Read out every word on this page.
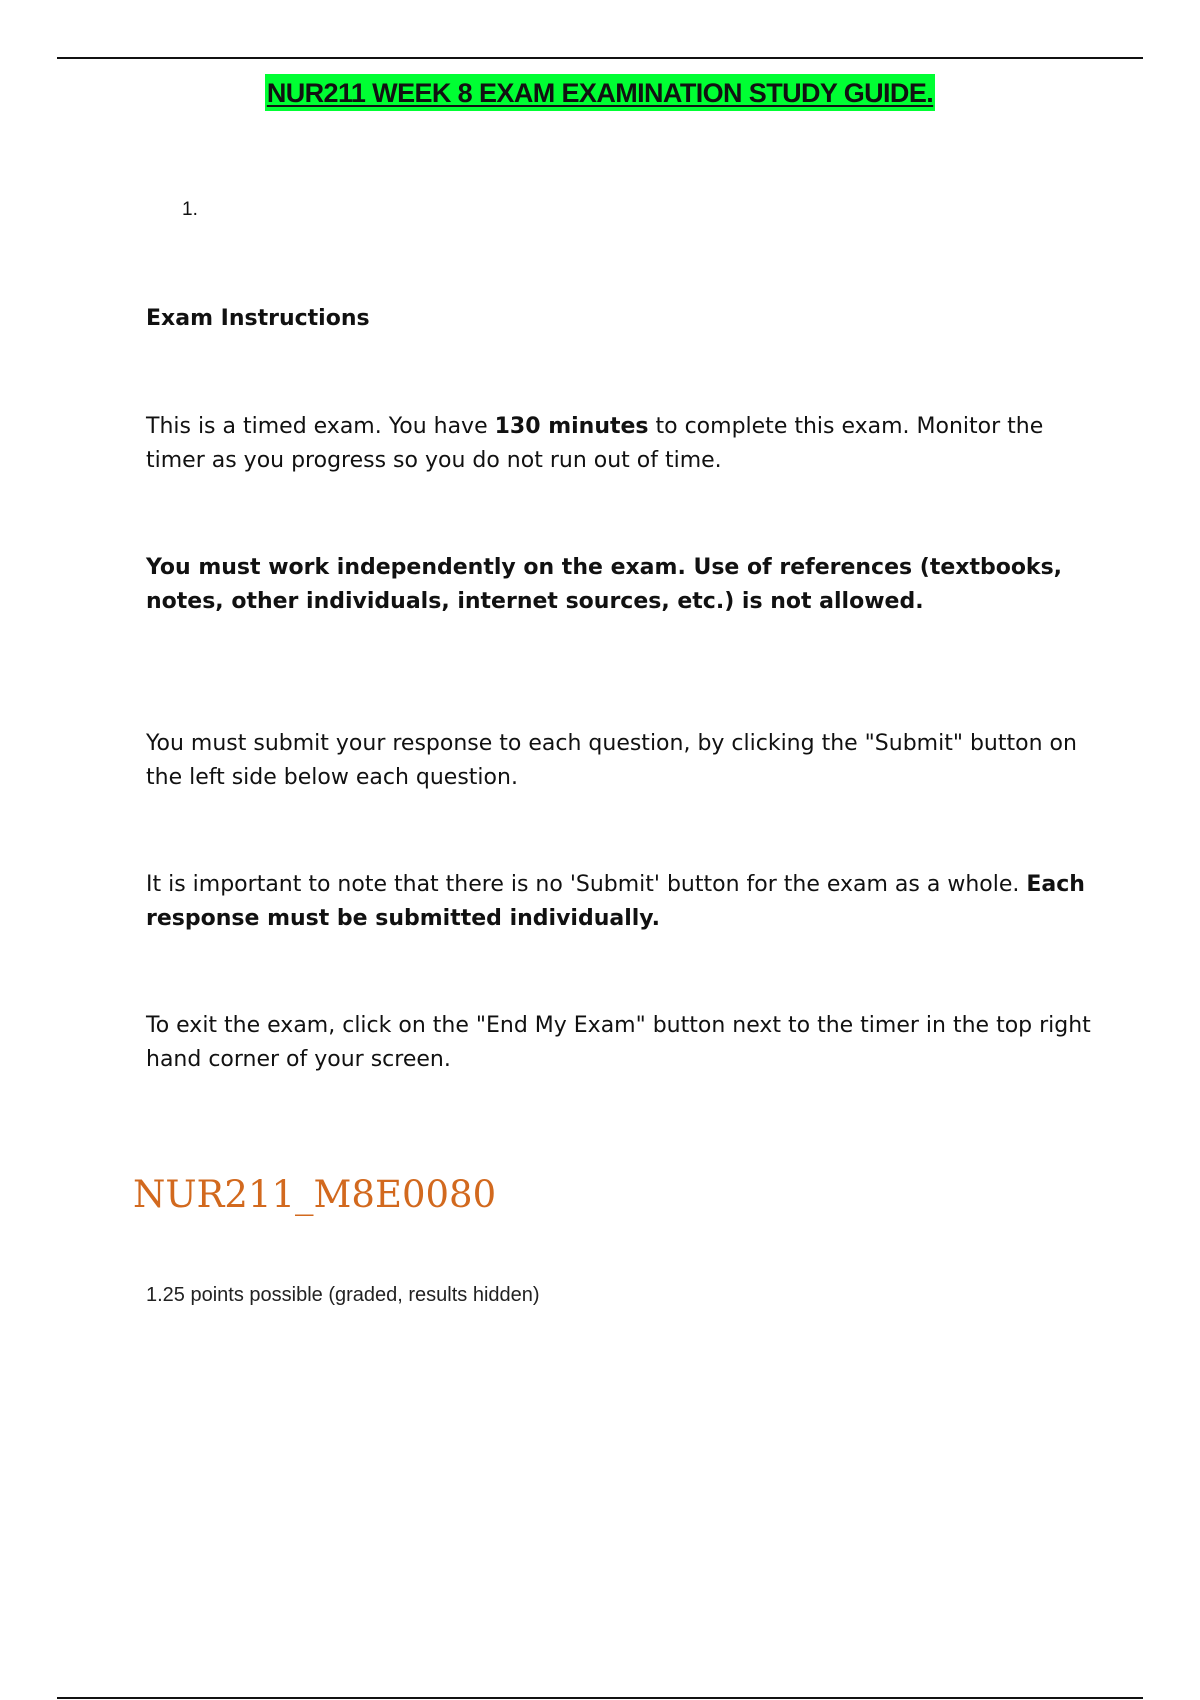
NUR211 WEEK 8 EXAM EXAMINATION STUDY GUIDE.
1.
Exam Instructions

This is a timed exam. You have 130 minutes to complete this exam. Monitor the timer as you progress so you do not run out of time.

You must work independently on the exam. Use of references (textbooks, notes, other individuals, internet sources, etc.) is not allowed.

You must submit your response to each question, by clicking the "Submit" button on the left side below each question.

It is important to note that there is no 'Submit' button for the exam as a whole. Each response must be submitted individually.

To exit the exam, click on the "End My Exam" button next to the timer in the top right hand corner of your screen.

NUR211_M8E0080
1.25 points possible (graded, results hidden)
